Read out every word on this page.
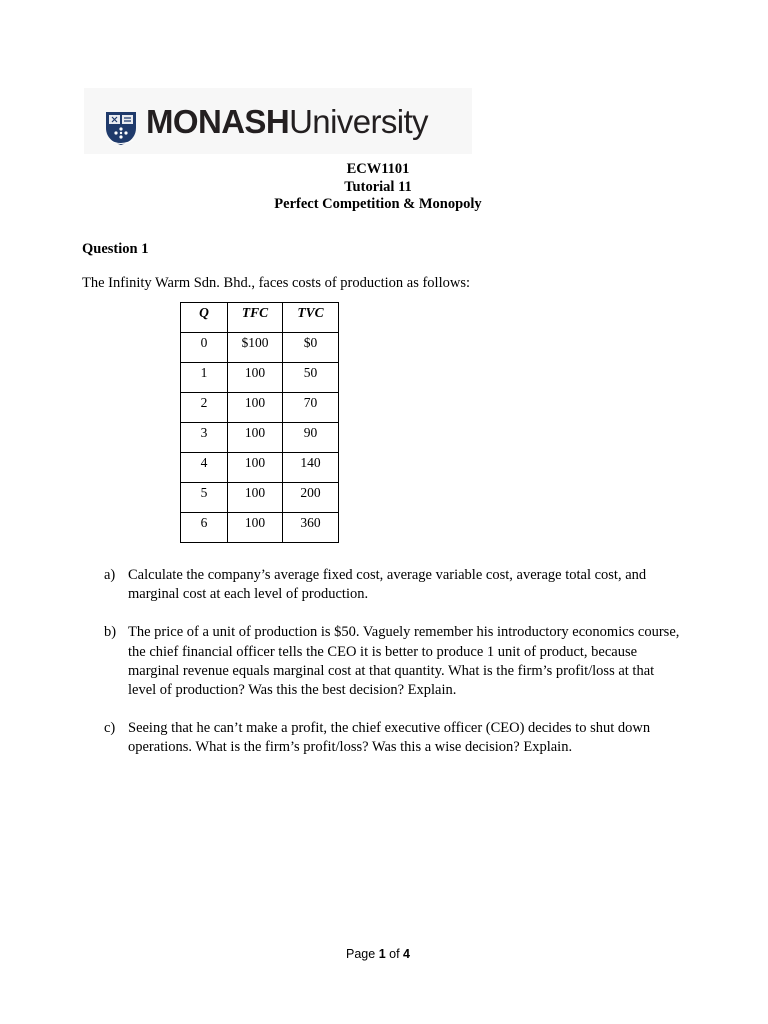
MONASHUniversity
ECW1101
Tutorial 11
Perfect Competition & Monopoly
Question 1
The Infinity Warm Sdn. Bhd., faces costs of production as follows:
Q	TFC	TVC
0	$100	$0
1	100	50
2	100	70
3	100	90
4	100	140
5	100	200
6	100	360
a) Calculate the company’s average fixed cost, average variable cost, average total cost, and marginal cost at each level of production.
b) The price of a unit of production is $50. Vaguely remember his introductory economics course, the chief financial officer tells the CEO it is better to produce 1 unit of product, because marginal revenue equals marginal cost at that quantity. What is the firm’s profit/loss at that level of production? Was this the best decision? Explain.
c) Seeing that he can’t make a profit, the chief executive officer (CEO) decides to shut down operations. What is the firm’s profit/loss? Was this a wise decision? Explain.
Page 1 of 4
